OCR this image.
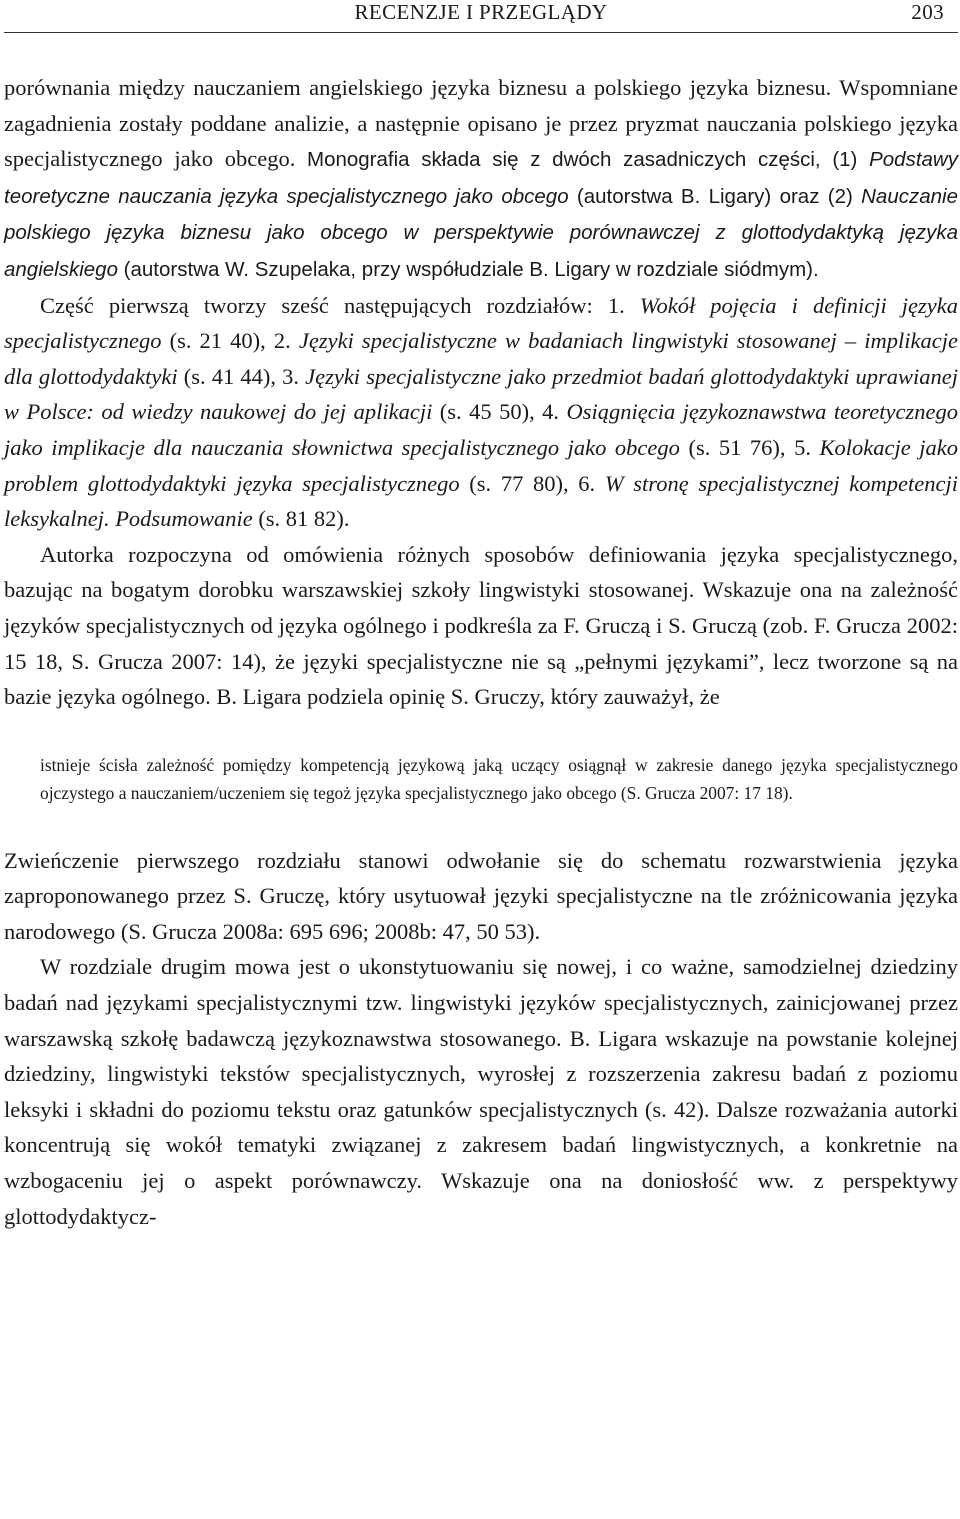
RECENZJE I PRZEGLĄDY	203

porównania między nauczaniem angielskiego języka biznesu a polskiego języka biznesu. Wspomniane zagadnienia zostały poddane analizie, a następnie opisano je przez pryzmat nauczania polskiego języka specjalistycznego jako obcego. Monografia składa się z dwóch zasadniczych części, (1) Podstawy teoretyczne nauczania języka specjalistycznego jako obcego (autorstwa B. Ligary) oraz (2) Nauczanie polskiego języka biznesu jako obcego w perspektywie porównawczej z glottodydaktyką języka angielskiego (autorstwa W. Szupelaka, przy współudziale B. Ligary w rozdziale siódmym).

Część pierwszą tworzy sześć następujących rozdziałów: 1. Wokół pojęcia i definicji języka specjalistycznego (s. 21 40), 2. Języki specjalistyczne w badaniach lingwistyki stosowanej – implikacje dla glottodydaktyki (s. 41 44), 3. Języki specjalistyczne jako przedmiot badań glottodydaktyki uprawianej w Polsce: od wiedzy naukowej do jej aplikacji (s. 45 50), 4. Osiągnięcia językoznawstwa teoretycznego jako implikacje dla nauczania słownictwa specjalistycznego jako obcego (s. 51 76), 5. Kolokacje jako problem glottodydaktyki języka specjalistycznego (s. 77 80), 6. W stronę specjalistycznej kompetencji leksykalnej. Podsumowanie (s. 81 82).

Autorka rozpoczyna od omówienia różnych sposobów definiowania języka specjalistycznego, bazując na bogatym dorobku warszawskiej szkoły lingwistyki stosowanej. Wskazuje ona na zależność języków specjalistycznych od języka ogólnego i podkreśla za F. Gruczą i S. Gruczą (zob. F. Grucza 2002: 15 18, S. Grucza 2007: 14), że języki specjalistyczne nie są „pełnymi językami”, lecz tworzone są na bazie języka ogólnego. B. Ligara podziela opinię S. Gruczy, który zauważył, że

istnieje ścisła zależność pomiędzy kompetencją językową jaką uczący osiągnął w zakresie danego języka specjalistycznego ojczystego a nauczaniem/uczeniem się tegoż języka specjalistycznego jako obcego (S. Grucza 2007: 17 18).

Zwieńczenie pierwszego rozdziału stanowi odwołanie się do schematu rozwarstwienia języka zaproponowanego przez S. Gruczę, który usytuował języki specjalistyczne na tle zróżnicowania języka narodowego (S. Grucza 2008a: 695 696; 2008b: 47, 50 53).

W rozdziale drugim mowa jest o ukonstytuowaniu się nowej, i co ważne, samodzielnej dziedziny badań nad językami specjalistycznymi tzw. lingwistyki języków specjalistycznych, zainicjowanej przez warszawską szkołę badawczą językoznawstwa stosowanego. B. Ligara wskazuje na powstanie kolejnej dziedziny, lingwistyki tekstów specjalistycznych, wyrosłej z rozszerzenia zakresu badań z poziomu leksyki i składni do poziomu tekstu oraz gatunków specjalistycznych (s. 42). Dalsze rozważania autorki koncentrują się wokół tematyki związanej z zakresem badań lingwistycznych, a konkretnie na wzbogaceniu jej o aspekt porównawczy. Wskazuje ona na doniosłość ww. z perspektywy glottodydaktycz-
